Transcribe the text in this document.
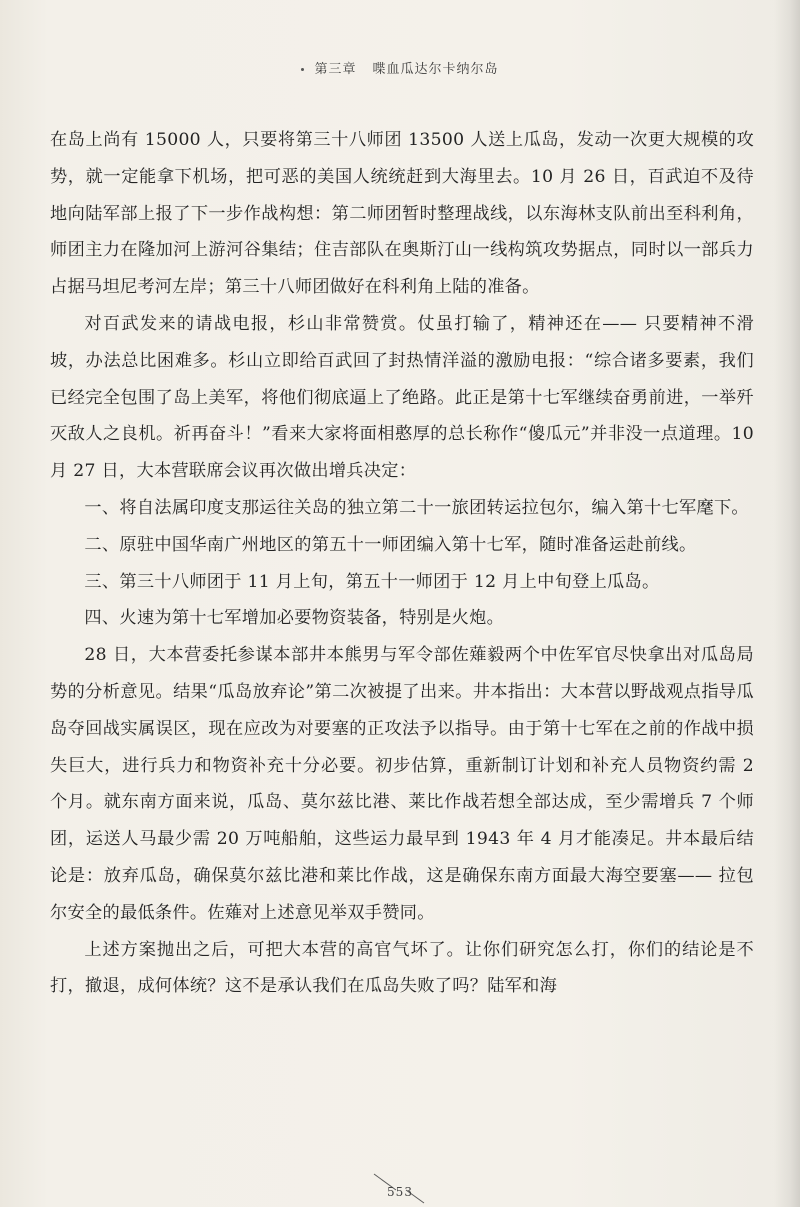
第三章 喋血瓜达尔卡纳尔岛

在岛上尚有 15000 人，只要将第三十八师团 13500 人送上瓜岛，发动一次更大规模的攻势，就一定能拿下机场，把可恶的美国人统统赶到大海里去。10 月 26 日，百武迫不及待地向陆军部上报了下一步作战构想：第二师团暂时整理战线，以东海林支队前出至科利角，师团主力在隆加河上游河谷集结；住吉部队在奥斯汀山一线构筑攻势据点，同时以一部兵力占据马坦尼考河左岸；第三十八师团做好在科利角上陆的准备。

对百武发来的请战电报，杉山非常赞赏。仗虽打输了，精神还在—— 只要精神不滑坡，办法总比困难多。杉山立即给百武回了封热情洋溢的激励电报：“综合诸多要素，我们已经完全包围了岛上美军，将他们彻底逼上了绝路。此正是第十七军继续奋勇前进，一举歼灭敌人之良机。祈再奋斗！”看来大家将面相憨厚的总长称作“傻瓜元”并非没一点道理。10 月 27 日，大本营联席会议再次做出增兵决定：

一、将自法属印度支那运往关岛的独立第二十一旅团转运拉包尔，编入第十七军麾下。

二、原驻中国华南广州地区的第五十一师团编入第十七军，随时准备运赴前线。

三、第三十八师团于 11 月上旬，第五十一师团于 12 月上中旬登上瓜岛。

四、火速为第十七军增加必要物资装备，特别是火炮。

28 日，大本营委托参谋本部井本熊男与军令部佐薙毅两个中佐军官尽快拿出对瓜岛局势的分析意见。结果“瓜岛放弃论”第二次被提了出来。井本指出：大本营以野战观点指导瓜岛夺回战实属误区，现在应改为对要塞的正攻法予以指导。由于第十七军在之前的作战中损失巨大，进行兵力和物资补充十分必要。初步估算，重新制订计划和补充人员物资约需 2 个月。就东南方面来说，瓜岛、莫尔兹比港、莱比作战若想全部达成，至少需增兵 7 个师团，运送人马最少需 20 万吨船舶，这些运力最早到 1943 年 4 月才能凑足。井本最后结论是：放弃瓜岛，确保莫尔兹比港和莱比作战，这是确保东南方面最大海空要塞—— 拉包尔安全的最低条件。佐薙对上述意见举双手赞同。

上述方案抛出之后，可把大本营的高官气坏了。让你们研究怎么打，你们的结论是不打，撤退，成何体统？这不是承认我们在瓜岛失败了吗？陆军和海

553
